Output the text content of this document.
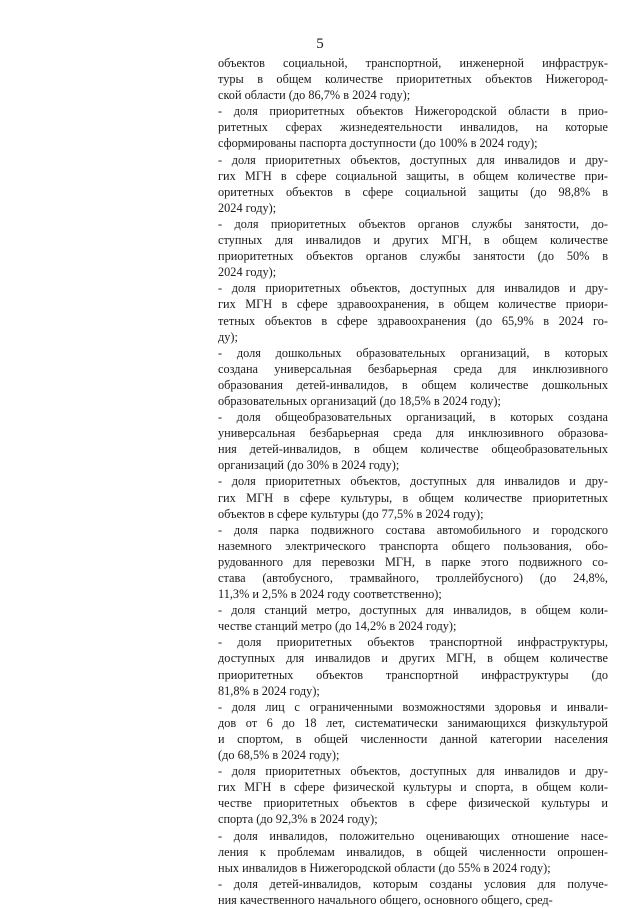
5
объектов социальной, транспортной, инженерной инфраструк-
туры в общем количестве приоритетных объектов Нижегород-
ской области (до 86,7% в 2024 году);
- доля приоритетных объектов Нижегородской области в прио-
ритетных сферах жизнедеятельности инвалидов, на которые
сформированы паспорта доступности (до 100% в 2024 году);
- доля приоритетных объектов, доступных для инвалидов и дру-
гих МГН в сфере социальной защиты, в общем количестве при-
оритетных объектов в сфере социальной защиты (до 98,8% в
2024 году);
- доля приоритетных объектов органов службы занятости, до-
ступных для инвалидов и других МГН, в общем количестве
приоритетных объектов органов службы занятости (до 50% в
2024 году);
- доля приоритетных объектов, доступных для инвалидов и дру-
гих МГН в сфере здравоохранения, в общем количестве приори-
тетных объектов в сфере здравоохранения (до 65,9% в 2024 го-
ду);
- доля дошкольных образовательных организаций, в которых
создана универсальная безбарьерная среда для инклюзивного
образования детей-инвалидов, в общем количестве дошкольных
образовательных организаций (до 18,5% в 2024 году);
- доля общеобразовательных организаций, в которых создана
универсальная безбарьерная среда для инклюзивного образова-
ния детей-инвалидов, в общем количестве общеобразовательных
организаций (до 30% в 2024 году);
- доля приоритетных объектов, доступных для инвалидов и дру-
гих МГН в сфере культуры, в общем количестве приоритетных
объектов в сфере культуры (до 77,5% в 2024 году);
- доля парка подвижного состава автомобильного и городского
наземного электрического транспорта общего пользования, обо-
рудованного для перевозки МГН, в парке этого подвижного со-
става (автобусного, трамвайного, троллейбусного) (до 24,8%,
11,3% и 2,5% в 2024 году соответственно);
- доля станций метро, доступных для инвалидов, в общем коли-
честве станций метро (до 14,2% в 2024 году);
- доля приоритетных объектов транспортной инфраструктуры,
доступных для инвалидов и других МГН, в общем количестве
приоритетных объектов транспортной инфраструктуры (до
81,8% в 2024 году);
- доля лиц с ограниченными возможностями здоровья и инвали-
дов от 6 до 18 лет, систематически занимающихся физкультурой
и спортом, в общей численности данной категории населения
(до 68,5% в 2024 году);
- доля приоритетных объектов, доступных для инвалидов и дру-
гих МГН в сфере физической культуры и спорта, в общем коли-
честве приоритетных объектов в сфере физической культуры и
спорта (до 92,3% в 2024 году);
- доля инвалидов, положительно оценивающих отношение насе-
ления к проблемам инвалидов, в общей численности опрошен-
ных инвалидов в Нижегородской области (до 55% в 2024 году);
- доля детей-инвалидов, которым созданы условия для получе-
ния качественного начального общего, основного общего, сред-
